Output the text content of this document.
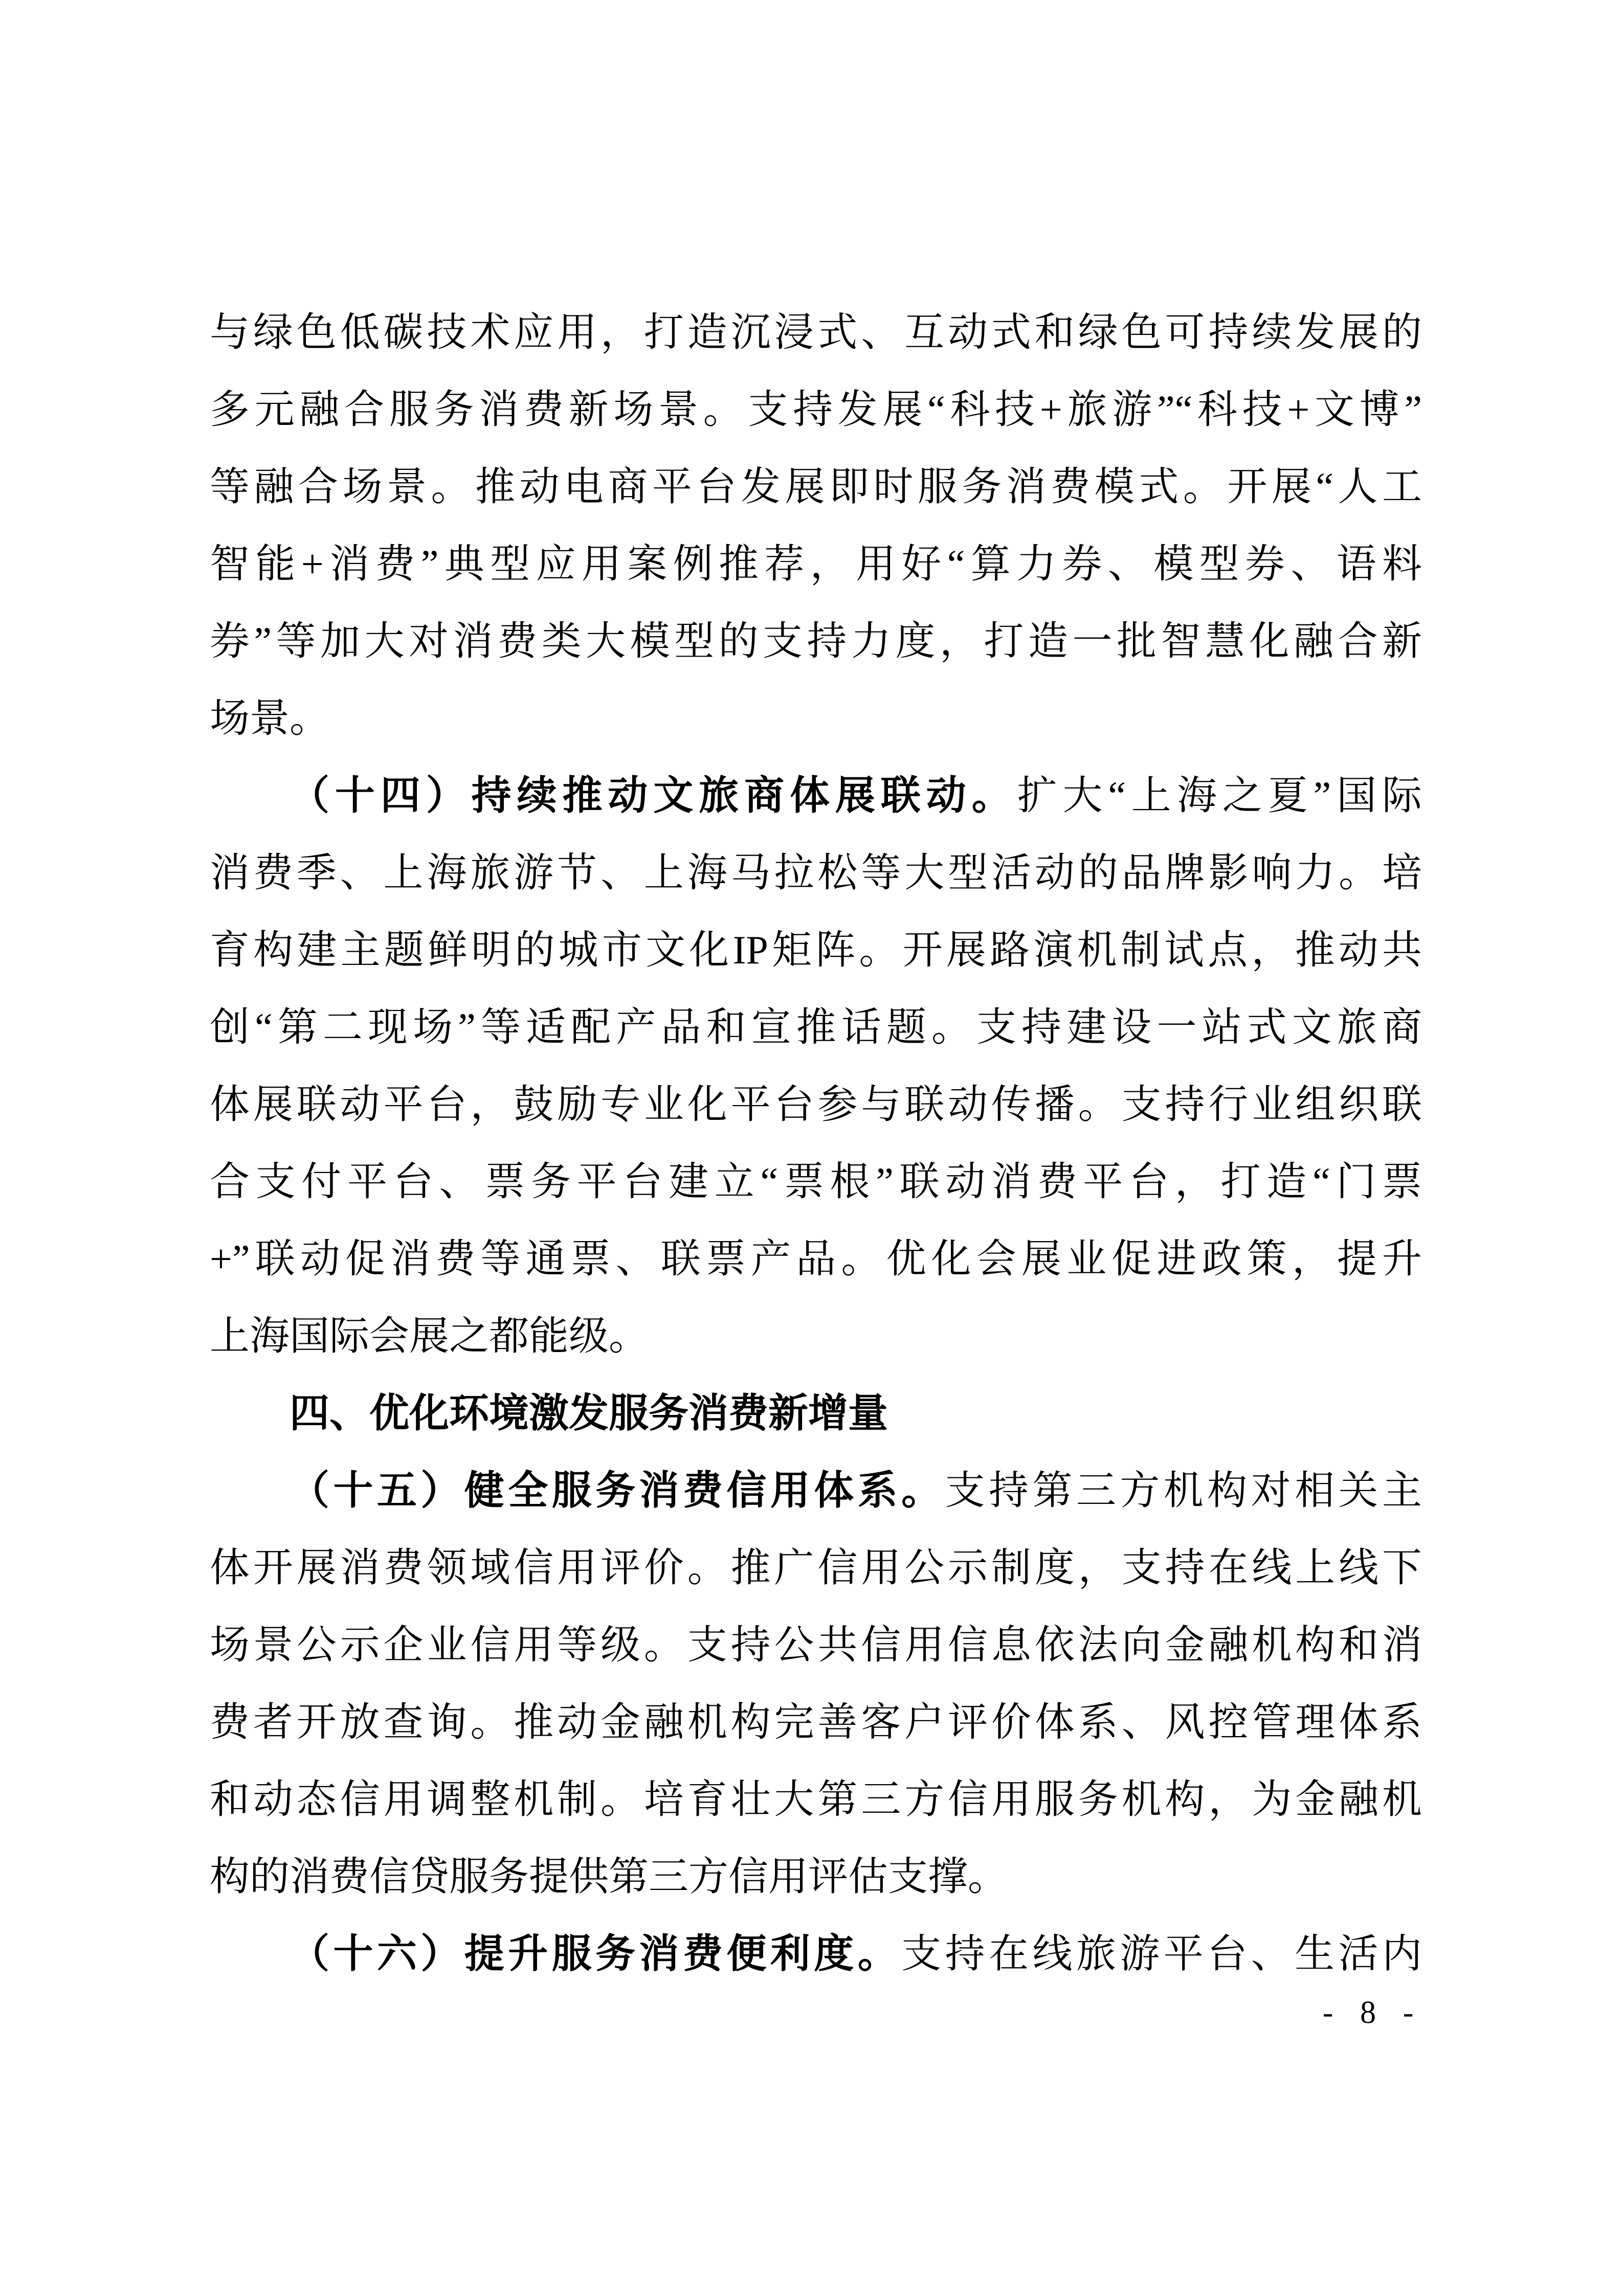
与绿色低碳技术应用，打造沉浸式、互动式和绿色可持续发展的
多元融合服务消费新场景。支持发展“科技+旅游”“科技+文博”
等融合场景。推动电商平台发展即时服务消费模式。开展“人工
智能+消费”典型应用案例推荐，用好“算力券、模型券、语料
券”等加大对消费类大模型的支持力度，打造一批智慧化融合新
场景。
（十四）持续推动文旅商体展联动。扩大“上海之夏”国际
消费季、上海旅游节、上海马拉松等大型活动的品牌影响力。培
育构建主题鲜明的城市文化IP矩阵。开展路演机制试点，推动共
创“第二现场”等适配产品和宣推话题。支持建设一站式文旅商
体展联动平台，鼓励专业化平台参与联动传播。支持行业组织联
合支付平台、票务平台建立“票根”联动消费平台，打造“门票
+”联动促消费等通票、联票产品。优化会展业促进政策，提升
上海国际会展之都能级。
四、优化环境激发服务消费新增量
（十五）健全服务消费信用体系。支持第三方机构对相关主
体开展消费领域信用评价。推广信用公示制度，支持在线上线下
场景公示企业信用等级。支持公共信用信息依法向金融机构和消
费者开放查询。推动金融机构完善客户评价体系、风控管理体系
和动态信用调整机制。培育壮大第三方信用服务机构，为金融机
构的消费信贷服务提供第三方信用评估支撑。
（十六）提升服务消费便利度。支持在线旅游平台、生活内
- 8 -
